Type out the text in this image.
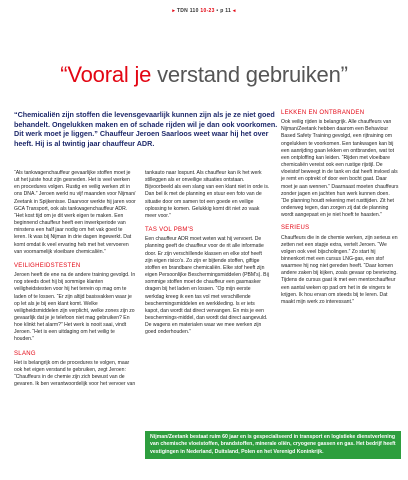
▸ TDN 110 10-23 • p 11 ◂
“Vooral je verstand gebruiken”

“Chemicaliën zijn stoffen die levensgevaarlijk kunnen zijn als je ze niet goed behandelt. Ongelukken maken en of schade rijden wil je dan ook voorkomen. Dit werk moet je liggen.” Chauffeur Jeroen Saarloos weet waar hij het over heeft. Hij is al twintig jaar chauffeur ADR.

“Als tankwagenchauffeur gevaarlijke stoffen moet je uit het juiste hout zijn gesneden. Het is veel werken en procedures volgen. Rustig en veilig werken zit in ons DNA.” Jeroen werkt nu vijf maanden voor Nijman/ Zeetank in Spijkenisse. Daarvoor werkte hij jaren voor GCA Transport, ook als tankwagenchauffeur ADR. “Het kost tijd om je dit werk eigen te maken. Een beginnend chauffeur heeft een inwerkperiode van minstens een half jaar nodig om het vak goed te leren. Ik was bij Nijman in drie dagen ingewerkt. Dat komt omdat ik veel ervaring heb met het vervoeren van voornamelijk vloeibare chemicaliën.”

VEILIGHEIDSTESTEN

Jeroen heeft de ene na de andere training gevolgd. In nog steeds doet hij bij sommige klanten veiligheidstesten voor hij het terrein op mag om te laden of te lossen. “Er zijn altijd basisvakken waar je op let als je bij een klant komt. Welke veiligheidsmiddelen zijn verplicht, welke zones zijn zo gevaarlijk dat je je telefoon niet mag gebruiken? En hoe klinkt het alarm?” Het werk is nooit saai, vindt Jeroen. “Het is een uitdaging om het veilig te houden.”

SLANG

Het is belangrijk om de procedures te volgen, maar ook het eigen verstand te gebruiken, zegt Jeroen: “Chauffeurs in de chemie zijn zich bewust van de gevaren. Ik ben verantwoordelijk voor het vervoer van

tankauto naar lospunt. Als chauffeur kan ik het werk stilleggen als er onveilige situaties ontstaan. Bijvoorbeeld als een slang van een klant niet in orde is. Dan bel ik met de planning en stuur een foto van de situatie door om samen tot een goede en veilige oplossing te komen. Gelukkig komt dit niet zo vaak meer voor.”

TAS VOL PBM'S

Een chauffeur ADR moet weten wat hij vervoert. De planning geeft de chauffeur voor de rit alle informatie door. Er zijn verschillende klassen en elke stof heeft zijn eigen risico's. Zo zijn er bijtende stoffen, giftige stoffen en brandbare chemicaliën. Elke stof heeft zijn eigen Persoonlijke Beschermingsmiddelen (PBM's). Bij sommige stoffen moet de chauffeur een gasmasker dragen bij het laden en lossen. “Op mijn eerste werkdag kreeg ik een tas vol met verschillende beschermingsmiddelen en werkkleding. Is er iets kapot, dan wordt dat direct vervangen. En mis je een beschermings-middel, dan wordt dat direct aangevuld. De wagens en materialen waar we mee werken zijn goed onderhouden.”

LEKKEN EN ONTBRANDEN

Ook veilig rijden is belangrijk. Alle chauffeurs van Nijman/Zeetank hebben daarom een Behaviour Based Safety Training gevolgd, een rijtraining om ongelukken te voorkomen. Een tankwagen kan bij een aanrijding gaan lekken en ontbranden, wat tot een ontploffing kan leiden. “Rijden met vloeibare chemicaliën vereist ook een rustige rijstijl. De vloeistof beweegt in de tank en dat heeft invloed als je remt en optrekt of door een bocht gaat. Daar moet je aan wennen.” Daarnaast moeten chauffeurs zonder jagen en jachten hun werk kunnen doen. “De planning houdt rekening met rusttijden. Zit het onderweg tegen, dan zorgen zij dat de planning wordt aangepast en je niet hoeft te haasten.”

SERIEUS

Chauffeurs die in de chemie werken, zijn serieus en zetten net een stapje extra, vertelt Jeroen. “We volgen ook veel bijscholingen.” Zo start hij binnenkort met een cursus LNG-gas, een stof waarmee hij nog niet gereden heeft. “Daar komen andere zaken bij kijken, zoals gevaar op bevriezing. Tijdens de cursus gaat ik met een mentorchauffeur een aantal weken op pad om het in de vingers te krijgen. Ik hou ervan om steeds bij te leren. Dat maakt mijn werk zo interessant.”

Nijman/Zeetank bestaat ruim 60 jaar en is gespecialiseerd in transport en logistieke dienstverlening van chemische vloeistoffen, brandstoffen, minerale oliën, cryogene gassen en gas. Het bedrijf heeft vestigingen in Nederland, Duitsland, Polen en het Verenigd Koninkrijk.
